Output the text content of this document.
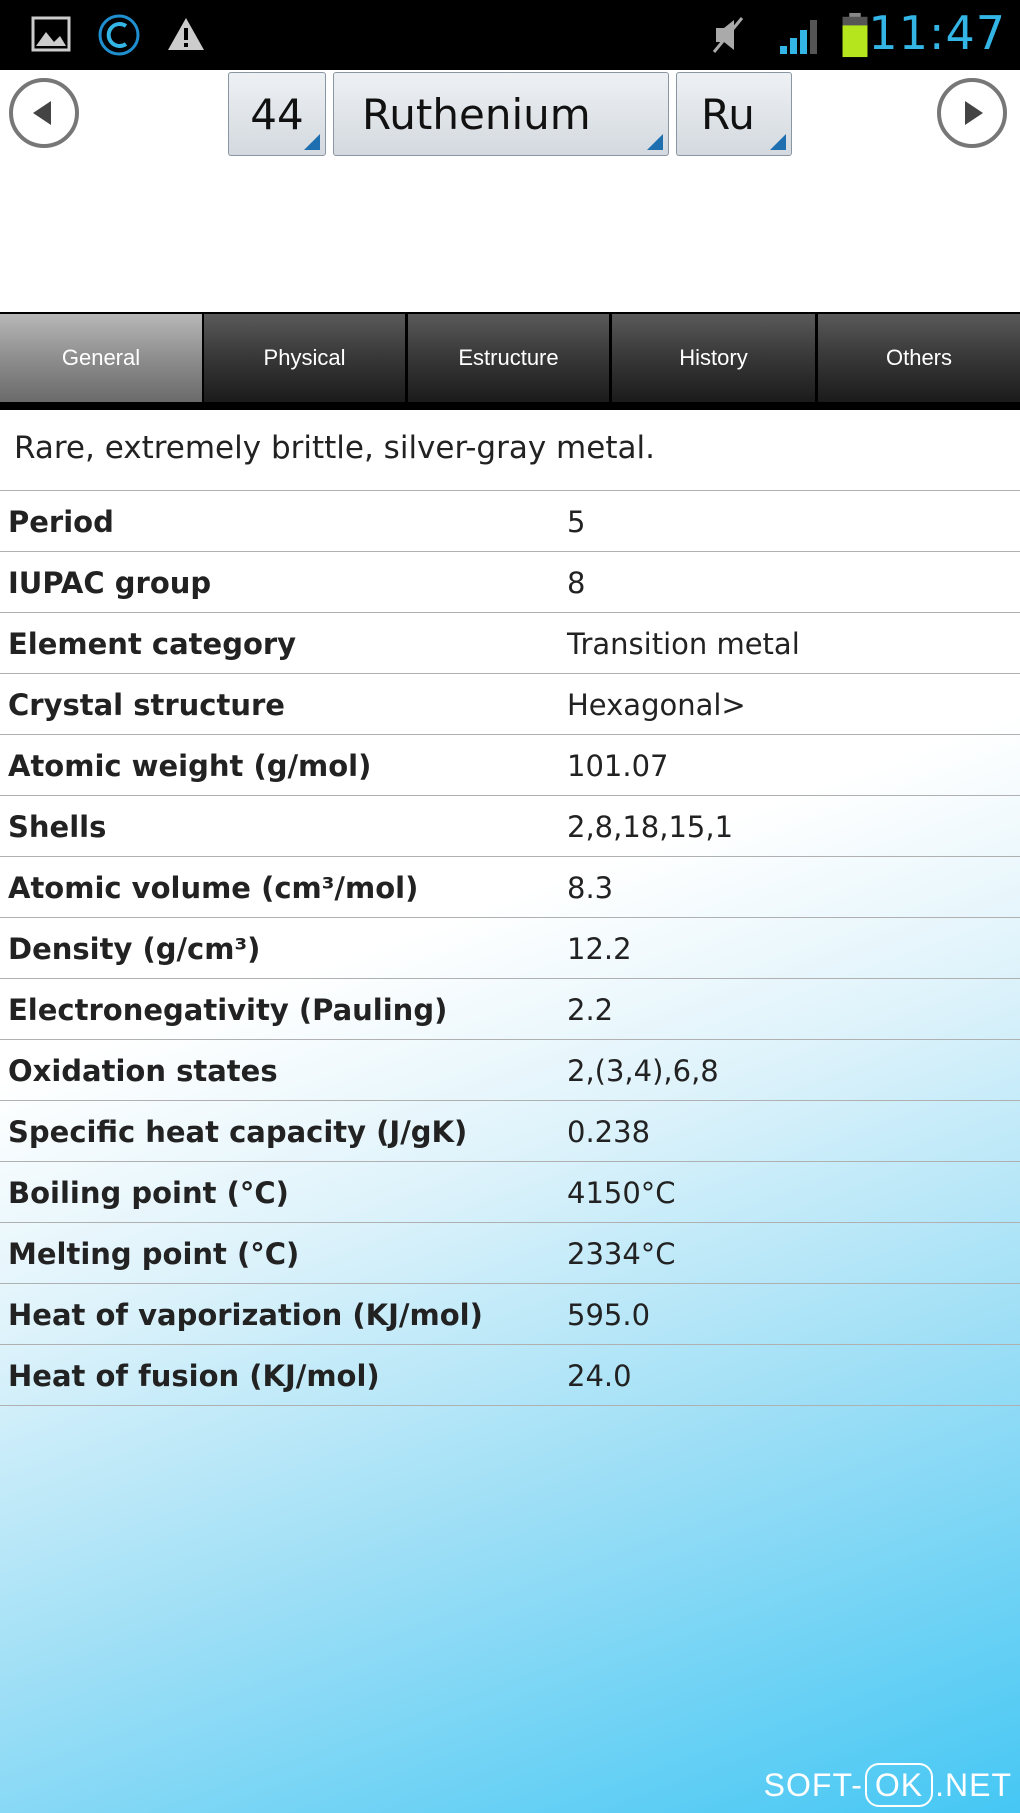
11:47
44 Ruthenium	Ru
General	Physical	Estructure	History	Others
Rare, extremely brittle, silver-gray metal.
Period	5
IUPAC group	8
Element category	Transition metal
Crystal structure	Hexagonal>
Atomic weight (g/mol)	101.07
Shells	2,8,18,15,1
Atomic volume (cm³/mol)	8.3
Density (g/cm³)	12.2
Electronegativity (Pauling)	2.2
Oxidation states	2,(3,4),6,8
Specific heat capacity (J/gK)	0.238
Boiling point (°C)	4150°C
Melting point (°C)	2334°C
Heat of vaporization (KJ/mol)	595.0
Heat of fusion (KJ/mol)	24.0
SOFT- OK .NET
